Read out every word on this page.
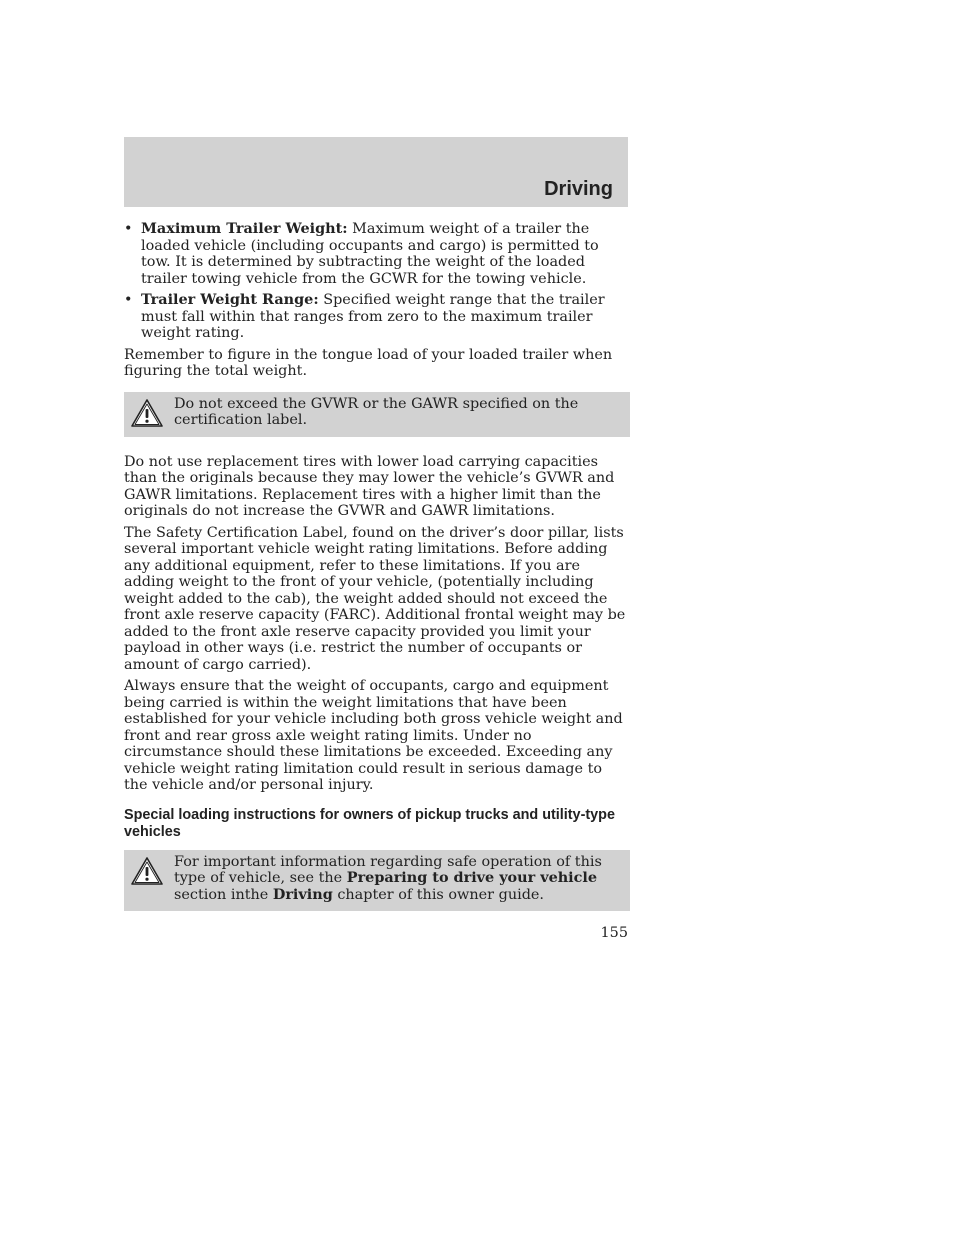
Driving
• Maximum Trailer Weight: Maximum weight of a trailer the loaded vehicle (including occupants and cargo) is permitted to tow. It is determined by subtracting the weight of the loaded trailer towing vehicle from the GCWR for the towing vehicle.
• Trailer Weight Range: Specified weight range that the trailer must fall within that ranges from zero to the maximum trailer weight rating.

Remember to figure in the tongue load of your loaded trailer when figuring the total weight.

Do not exceed the GVWR or the GAWR specified on the certification label.

Do not use replacement tires with lower load carrying capacities than the originals because they may lower the vehicle’s GVWR and GAWR limitations. Replacement tires with a higher limit than the originals do not increase the GVWR and GAWR limitations.

The Safety Certification Label, found on the driver’s door pillar, lists several important vehicle weight rating limitations. Before adding any additional equipment, refer to these limitations. If you are adding weight to the front of your vehicle, (potentially including weight added to the cab), the weight added should not exceed the front axle reserve capacity (FARC). Additional frontal weight may be added to the front axle reserve capacity provided you limit your payload in other ways (i.e. restrict the number of occupants or amount of cargo carried).

Always ensure that the weight of occupants, cargo and equipment being carried is within the weight limitations that have been established for your vehicle including both gross vehicle weight and front and rear gross axle weight rating limits. Under no circumstance should these limitations be exceeded. Exceeding any vehicle weight rating limitation could result in serious damage to the vehicle and/or personal injury.

Special loading instructions for owners of pickup trucks and utility-type vehicles

For important information regarding safe operation of this type of vehicle, see the Preparing to drive your vehicle section inthe Driving chapter of this owner guide.

155
